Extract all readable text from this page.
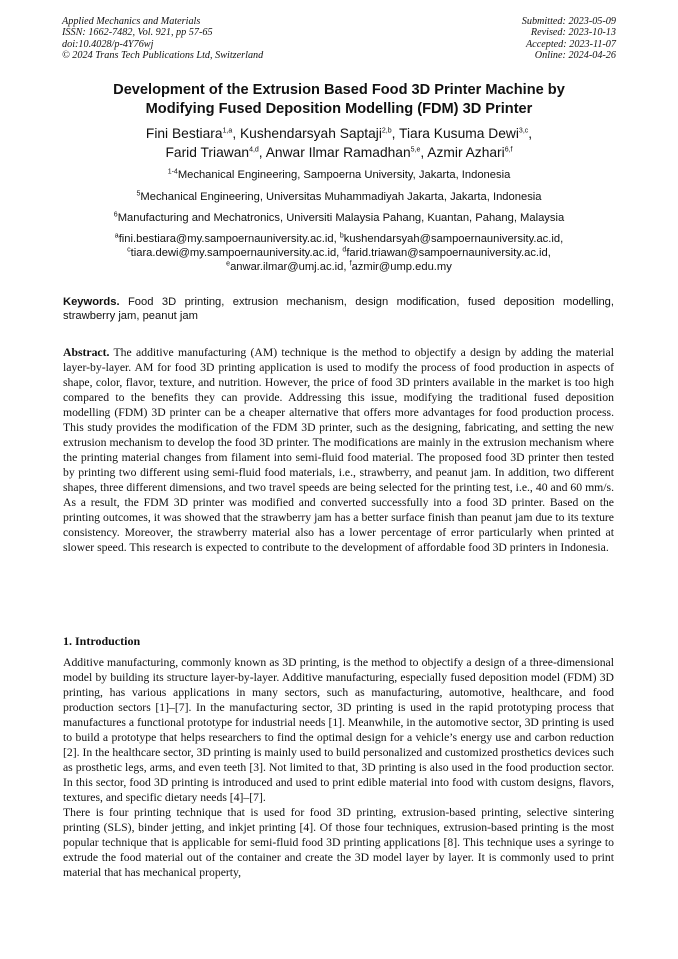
Applied Mechanics and Materials
ISSN: 1662-7482, Vol. 921, pp 57-65
doi:10.4028/p-4Y76wj
© 2024 Trans Tech Publications Ltd, Switzerland
Submitted: 2023-05-09
Revised: 2023-10-13
Accepted: 2023-11-07
Online: 2024-04-26
Development of the Extrusion Based Food 3D Printer Machine by
Modifying Fused Deposition Modelling (FDM) 3D Printer
Fini Bestiara$^{1,a}$, Kushendarsyah Saptaji$^{2,b}$, Tiara Kusuma Dewi$^{3,c}$,
Farid Triawan$^{4,d}$, Anwar Ilmar Ramadhan$^{5,e}$, Azmir Azhari$^{6,f}$
$^{1-4}$Mechanical Engineering, Sampoerna University, Jakarta, Indonesia
$^5$Mechanical Engineering, Universitas Muhammadiyah Jakarta, Jakarta, Indonesia
$^6$Manufacturing and Mechatronics, Universiti Malaysia Pahang, Kuantan, Pahang, Malaysia
$^a$fini.bestiara@my.sampoernauniversity.ac.id, $^b$kushendarsyah@sampoernauniversity.ac.id,
$^c$tiara.dewi@my.sampoernauniversity.ac.id, $^d$farid.triawan@sampoernauniversity.ac.id,
$^e$anwar.ilmar@umj.ac.id, $^f$azmir@ump.edu.my
Keywords. Food 3D printing, extrusion mechanism, design modification, fused deposition modelling, strawberry jam, peanut jam
Abstract. The additive manufacturing (AM) technique is the method to objectify a design by adding the material layer-by-layer. AM for food 3D printing application is used to modify the process of food production in aspects of shape, color, flavor, texture, and nutrition. However, the price of food 3D printers available in the market is too high compared to the benefits they can provide. Addressing this issue, modifying the traditional fused deposition modelling (FDM) 3D printer can be a cheaper alternative that offers more advantages for food production process. This study provides the modification of the FDM 3D printer, such as the designing, fabricating, and setting the new extrusion mechanism to develop the food 3D printer. The modifications are mainly in the extrusion mechanism where the printing material changes from filament into semi-fluid food material. The proposed food 3D printer then tested by printing two different using semi-fluid food materials, i.e., strawberry, and peanut jam. In addition, two different shapes, three different dimensions, and two travel speeds are being selected for the printing test, i.e., 40 and 60 mm/s. As a result, the FDM 3D printer was modified and converted successfully into a food 3D printer. Based on the printing outcomes, it was showed that the strawberry jam has a better surface finish than peanut jam due to its texture consistency. Moreover, the strawberry material also has a lower percentage of error particularly when printed at slower speed. This research is expected to contribute to the development of affordable food 3D printers in Indonesia.
1. Introduction

Additive manufacturing, commonly known as 3D printing, is the method to objectify a design of a three-dimensional model by building its structure layer-by-layer. Additive manufacturing, especially fused deposition model (FDM) 3D printing, has various applications in many sectors, such as manufacturing, automotive, healthcare, and food production sectors [1]–[7]. In the manufacturing sector, 3D printing is used in the rapid prototyping process that manufactures a functional prototype for industrial needs [1]. Meanwhile, in the automotive sector, 3D printing is used to build a prototype that helps researchers to find the optimal design for a vehicle’s energy use and carbon reduction [2]. In the healthcare sector, 3D printing is mainly used to build personalized and customized prosthetics devices such as prosthetic legs, arms, and even teeth [3]. Not limited to that, 3D printing is also used in the food production sector. In this sector, food 3D printing is introduced and used to print edible material into food with custom designs, flavors, textures, and specific dietary needs [4]–[7].

There is four printing technique that is used for food 3D printing, extrusion-based printing, selective sintering printing (SLS), binder jetting, and inkjet printing [4]. Of those four techniques, extrusion-based printing is the most popular technique that is applicable for semi-fluid food 3D printing applications [8]. This technique uses a syringe to extrude the food material out of the container and create the 3D model layer by layer. It is commonly used to print material that has mechanical property,
